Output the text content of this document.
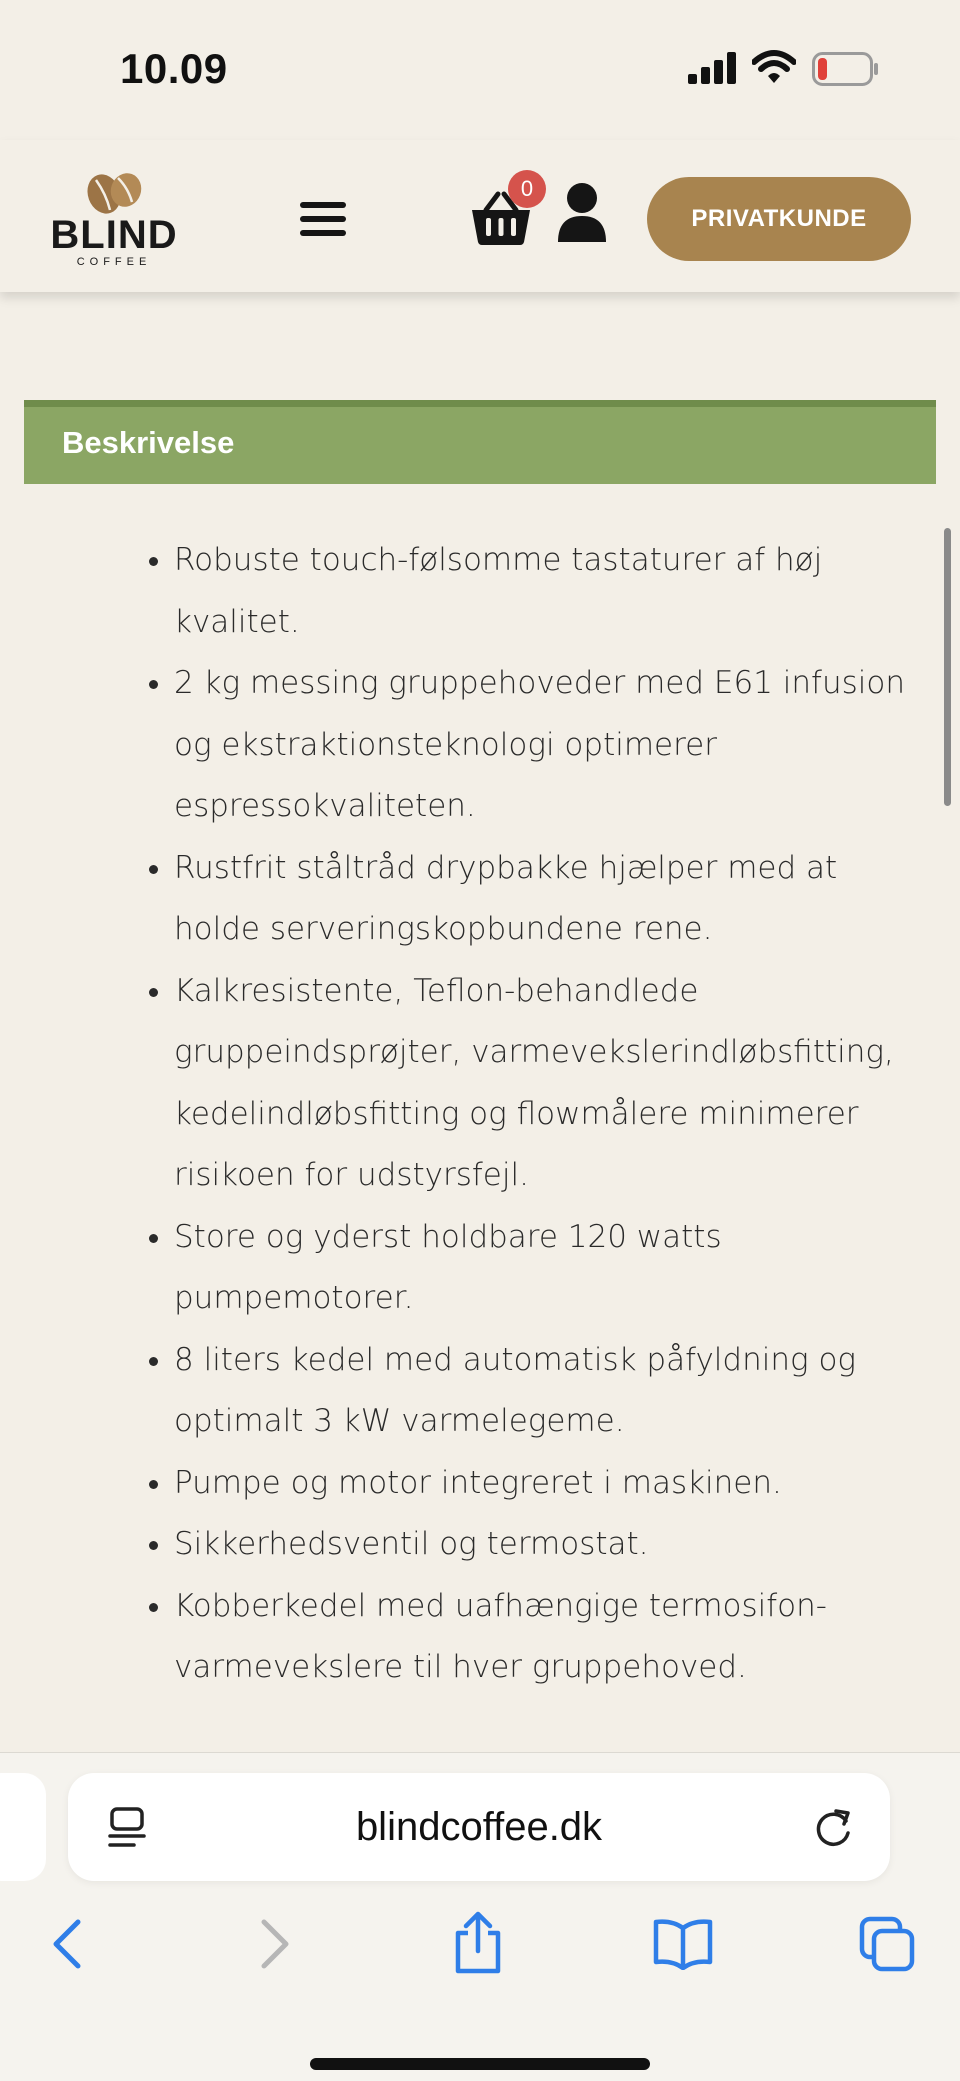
10.09
BLIND
COFFEE
0
PRIVATKUNDE
Beskrivelse
• Robuste touch-følsomme tastaturer af høj kvalitet.
• 2 kg messing gruppehoveder med E61 infusion og ekstraktionsteknologi optimerer espressokvaliteten.
• Rustfrit ståltråd drypbakke hjælper med at holde serveringskopbundene rene.
• Kalkresistente, Teflon-behandlede gruppeindsprøjter, varmevekslerindløbsfitting, kedelindløbsfitting og flowmålere minimerer risikoen for udstyrsfejl.
• Store og yderst holdbare 120 watts pumpemotorer.
• 8 liters kedel med automatisk påfyldning og optimalt 3 kW varmelegeme.
• Pumpe og motor integreret i maskinen.
• Sikkerhedsventil og termostat.
• Kobberkedel med uafhængige termosifon-varmevekslere til hver gruppehoved.
blindcoffee.dk
